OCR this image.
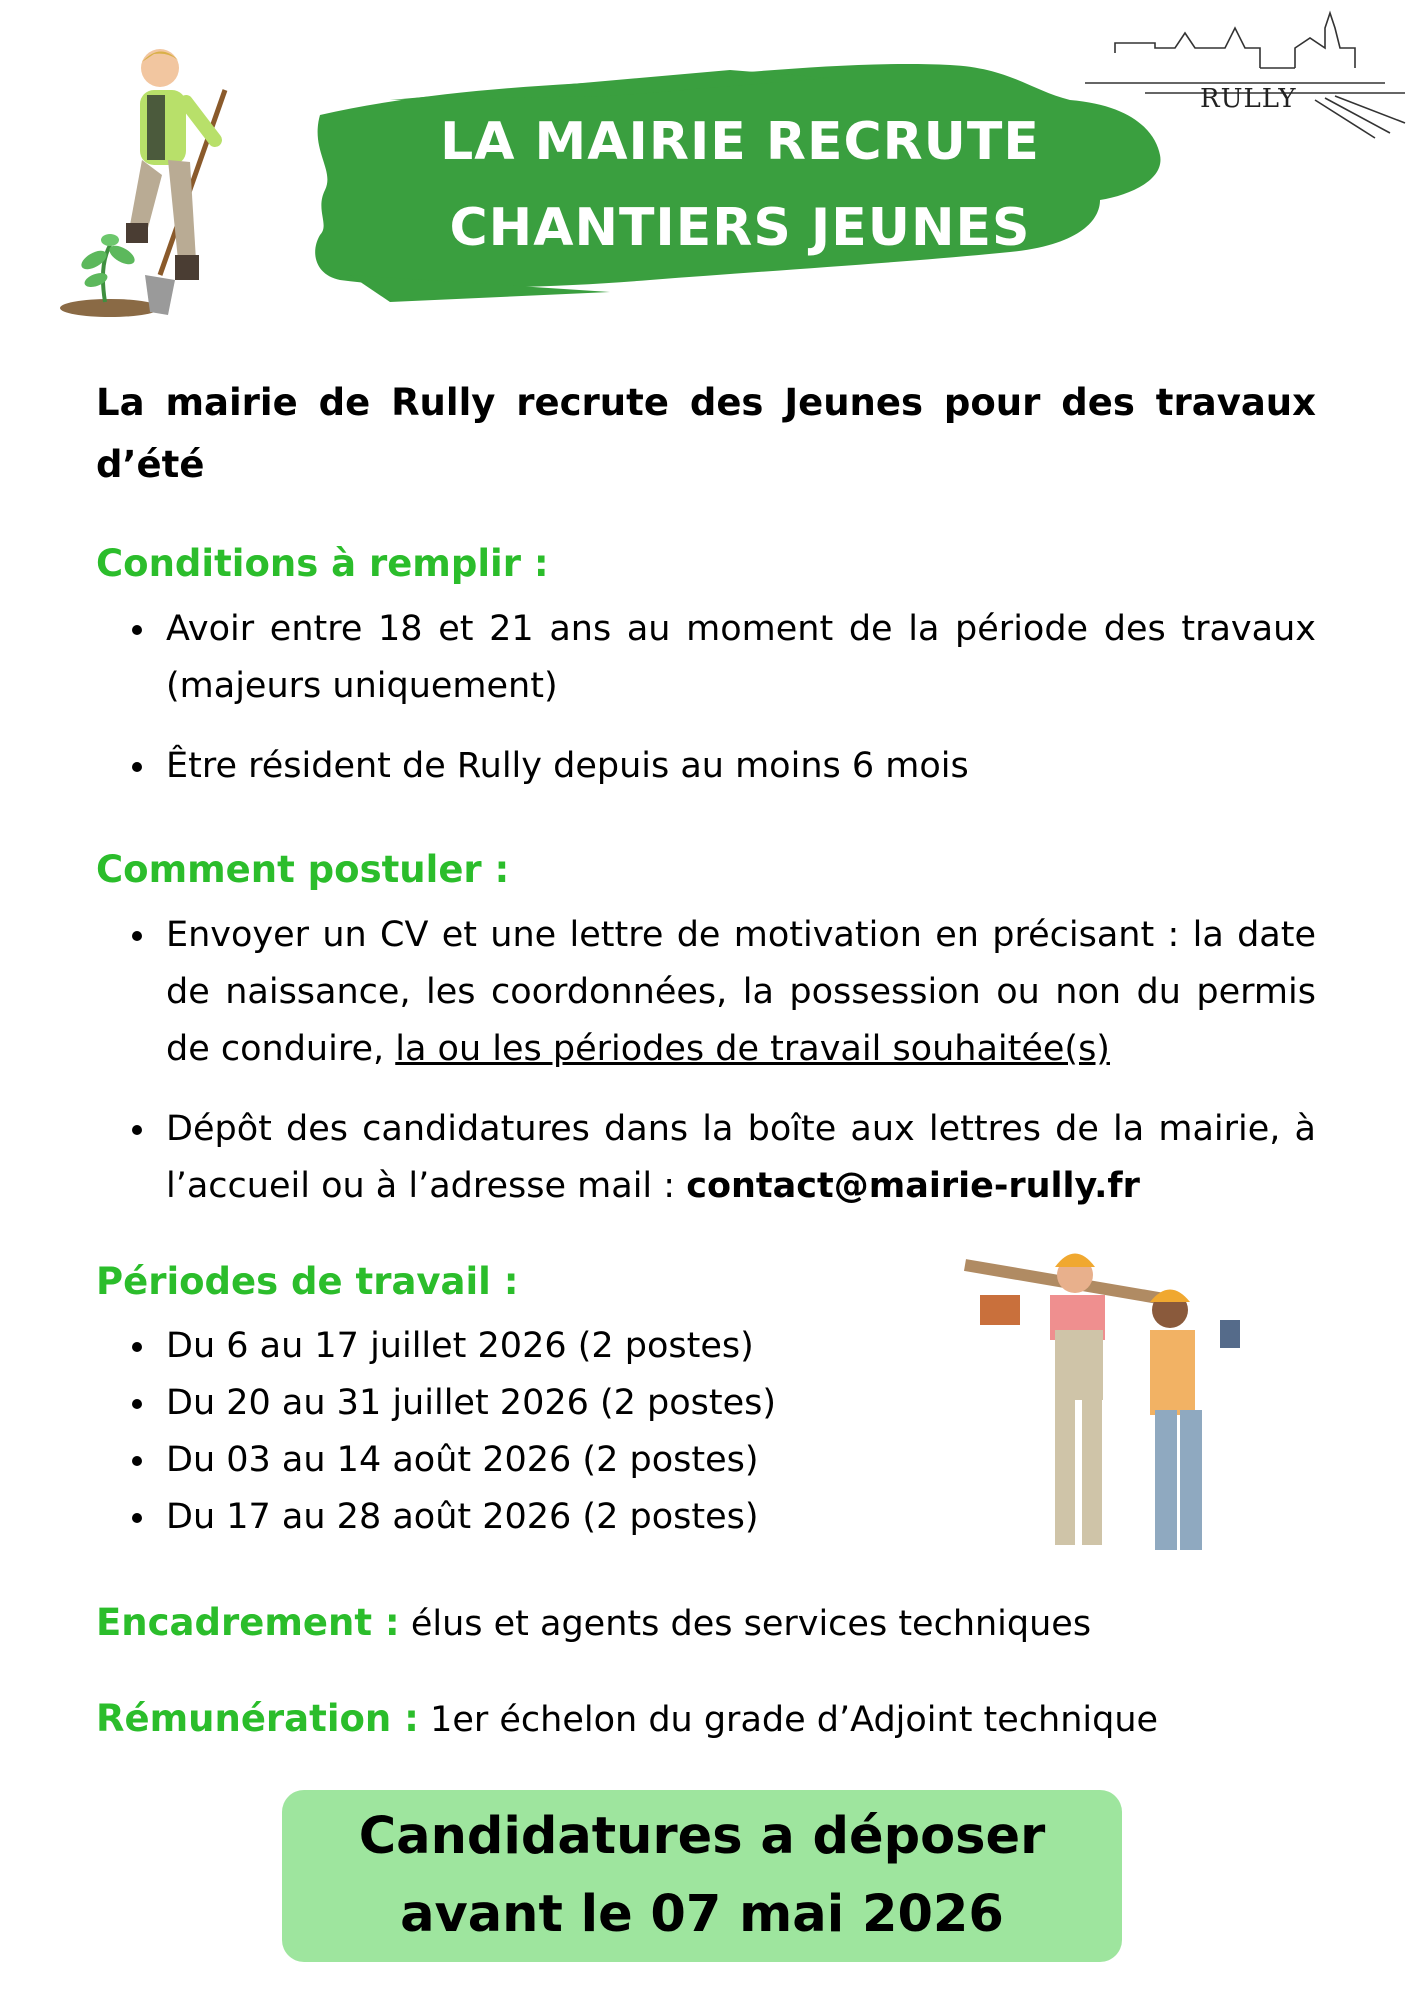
LA MAIRIE RECRUTE
CHANTIERS JEUNES
RULLY
La mairie de Rully recrute des Jeunes pour des travaux d’été
Conditions à remplir :
Avoir entre 18 et 21 ans au moment de la période des travaux (majeurs uniquement)
Être résident de Rully depuis au moins 6 mois
Comment postuler :
Envoyer un CV et une lettre de motivation en précisant : la date de naissance, les coordonnées, la possession ou non du permis de conduire, la ou les périodes de travail souhaitée(s)
Dépôt des candidatures dans la boîte aux lettres de la mairie, à l’accueil ou à l’adresse mail : contact@mairie-rully.fr
Périodes de travail :
Du 6 au 17 juillet 2026 (2 postes)
Du 20 au 31 juillet 2026 (2 postes)
Du 03 au 14 août 2026 (2 postes)
Du 17 au 28 août 2026 (2 postes)
Encadrement : élus et agents des services techniques
Rémunération : 1er échelon du grade d’Adjoint technique
Candidatures a déposer
avant le 07 mai 2026
